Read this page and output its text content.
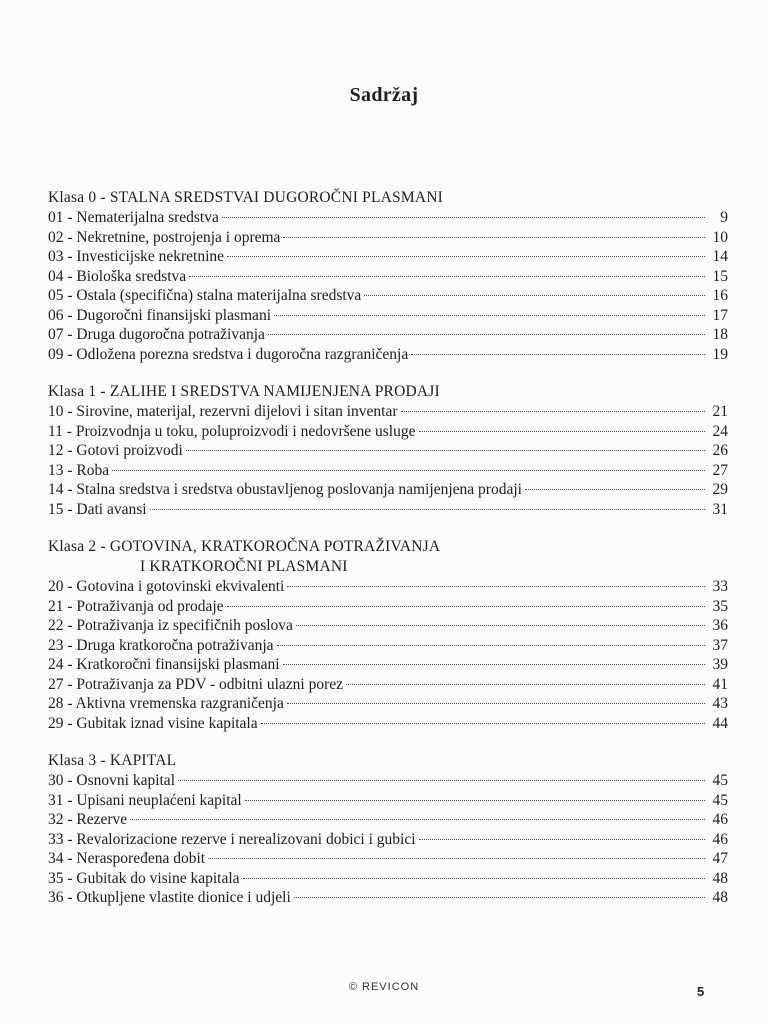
Sadržaj
Klasa 0 - STALNA SREDSTVAI DUGOROČNI PLASMANI
01 - Nematerijalna sredstva	9
02 - Nekretnine, postrojenja i oprema	10
03 - Investicijske nekretnine	14
04 - Biološka sredstva	15
05 - Ostala (specifična) stalna materijalna sredstva	16
06 - Dugoročni finansijski plasmani	17
07 - Druga dugoročna potraživanja	18
09 - Odložena porezna sredstva i dugoročna razgraničenja	19
Klasa 1 - ZALIHE I SREDSTVA NAMIJENJENA PRODAJI
10 - Sirovine, materijal, rezervni dijelovi i sitan inventar	21
11 - Proizvodnja u toku, poluproizvodi i nedovršene usluge	24
12 - Gotovi proizvodi	26
13 - Roba	27
14 - Stalna sredstva i sredstva obustavljenog poslovanja namijenjena prodaji	29
15 - Dati avansi	31
Klasa 2 - GOTOVINA, KRATKOROČNA POTRAŽIVANJA
I KRATKOROČNI PLASMANI
20 - Gotovina i gotovinski ekvivalenti	33
21 - Potraživanja od prodaje	35
22 - Potraživanja iz specifičnih poslova	36
23 - Druga kratkoročna potraživanja	37
24 - Kratkoročni finansijski plasmani	39
27 - Potraživanja za PDV - odbitni ulazni porez	41
28 - Aktivna vremenska razgraničenja	43
29 - Gubitak iznad visine kapitala	44
Klasa 3 - KAPITAL
30 - Osnovni kapital	45
31 - Upisani neuplaćeni kapital	45
32 - Rezerve	46
33 - Revalorizacione rezerve i nerealizovani dobici i gubici	46
34 - Neraspoređena dobit	47
35 - Gubitak do visine kapitala	48
36 - Otkupljene vlastite dionice i udjeli	48
© REVICON	5
